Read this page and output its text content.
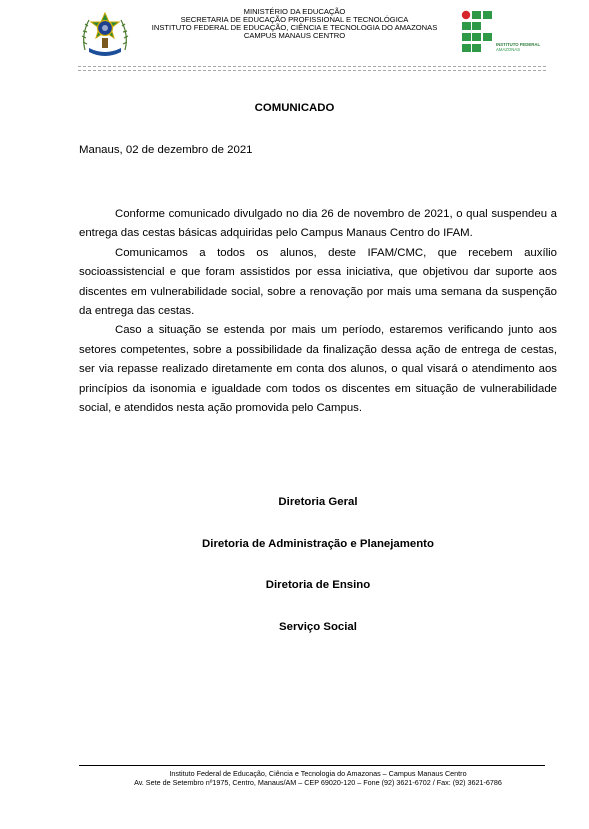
MINISTÉRIO DA EDUCAÇÃO
SECRETARIA DE EDUCAÇÃO PROFISSIONAL E TECNOLÓGICA
INSTITUTO FEDERAL DE EDUCAÇÃO, CIÊNCIA E TECNOLOGIA DO AMAZONAS
CAMPUS MANAUS CENTRO
INSTITUTO FEDERAL
AMAZONAS
COMUNICADO
Manaus, 02 de dezembro de 2021

Conforme comunicado divulgado no dia 26 de novembro de 2021, o qual suspendeu a entrega das cestas básicas adquiridas pelo Campus Manaus Centro do IFAM.

Comunicamos a todos os alunos, deste IFAM/CMC, que recebem auxílio socioassistencial e que foram assistidos por essa iniciativa, que objetivou dar suporte aos discentes em vulnerabilidade social, sobre a renovação por mais uma semana da suspenção da entrega das cestas.

Caso a situação se estenda por mais um período, estaremos verificando junto aos setores competentes, sobre a possibilidade da finalização dessa ação de entrega de cestas, ser via repasse realizado diretamente em conta dos alunos, o qual visará o atendimento aos princípios da isonomia e igualdade com todos os discentes em situação de vulnerabilidade social, e atendidos nesta ação promovida pelo Campus.

Diretoria Geral
Diretoria de Administração e Planejamento
Diretoria de Ensino
Serviço Social
Instituto Federal de Educação, Ciência e Tecnologia do Amazonas – Campus Manaus Centro
Av. Sete de Setembro nº1975, Centro, Manaus/AM – CEP 69020-120 – Fone (92) 3621-6702 / Fax: (92) 3621-6786
